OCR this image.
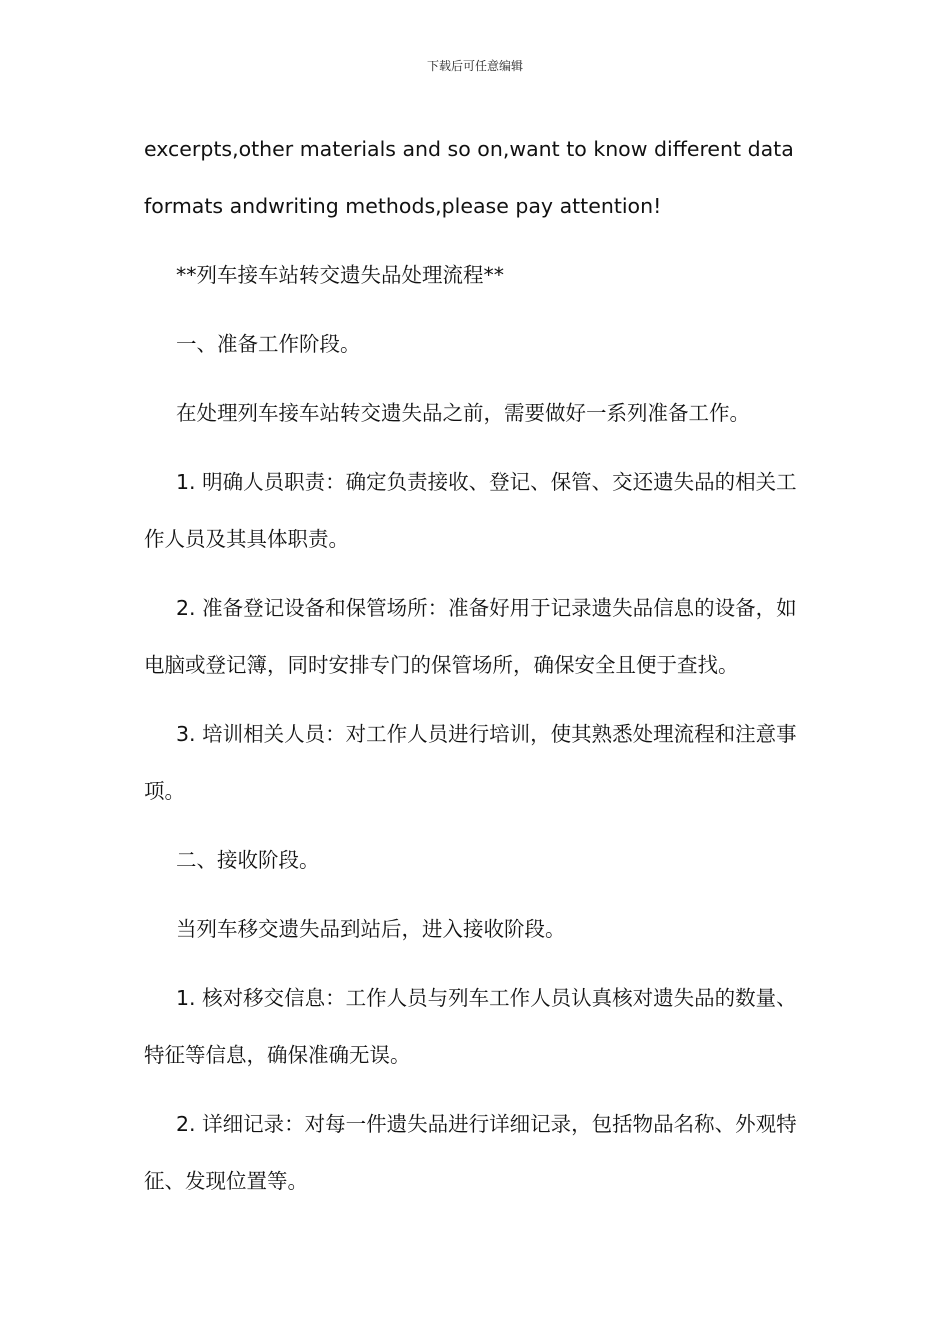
下载后可任意编辑
excerpts,other materials and so on,want to know different data
formats andwriting methods,please pay attention!
**列车接车站转交遗失品处理流程**
一、准备工作阶段。
在处理列车接车站转交遗失品之前，需要做好一系列准备工作。
1. 明确人员职责：确定负责接收、登记、保管、交还遗失品的相关工
作人员及其具体职责。
2. 准备登记设备和保管场所：准备好用于记录遗失品信息的设备，如
电脑或登记簿，同时安排专门的保管场所，确保安全且便于查找。
3. 培训相关人员：对工作人员进行培训，使其熟悉处理流程和注意事
项。
二、接收阶段。
当列车移交遗失品到站后，进入接收阶段。
1. 核对移交信息：工作人员与列车工作人员认真核对遗失品的数量、
特征等信息，确保准确无误。
2. 详细记录：对每一件遗失品进行详细记录，包括物品名称、外观特
征、发现位置等。
